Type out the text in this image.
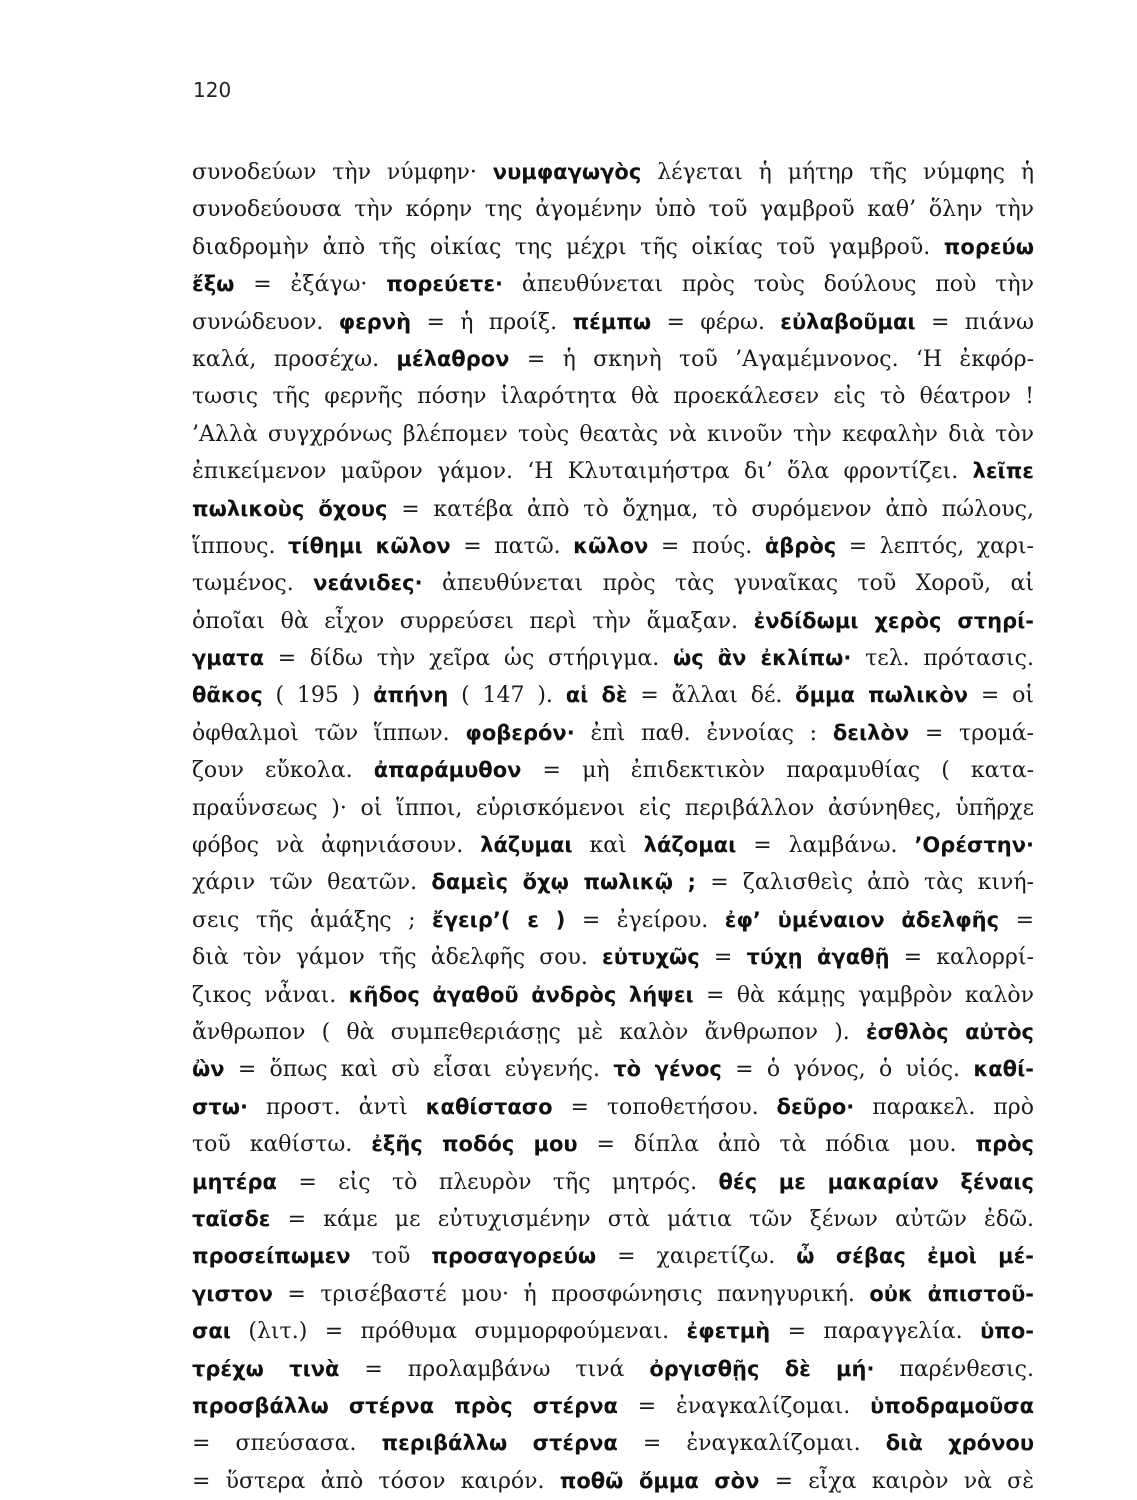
120
συνοδεύων τὴν νύμφην· νυμφαγωγὸς λέγεται ἡ μήτηρ τῆς νύμφης ἡ
συνοδεύουσα τὴν κόρην της ἀγομένην ὑπὸ τοῦ γαμβροῦ καθ’ ὅλην τὴν
διαδρομὴν ἀπὸ τῆς οἰκίας της μέχρι τῆς οἰκίας τοῦ γαμβροῦ. πορεύω
ἔξω = ἐξάγω· πορεύετε· ἀπευθύνεται πρὸς τοὺς δούλους ποὺ τὴν
συνώδευον. φερνὴ = ἡ προίξ. πέμπω = φέρω. εὐλαβοῦμαι = πιάνω
καλά, προσέχω. μέλαθρον = ἡ σκηνὴ τοῦ ’Αγαμέμνονος. ‘Η ἐκφόρ-
τωσις τῆς φερνῆς πόσην ἱλαρότητα θὰ προεκάλεσεν εἰς τὸ θέατρον !
’Αλλὰ συγχρόνως βλέπομεν τοὺς θεατὰς νὰ κινοῦν τὴν κεφαλὴν διὰ τὸν
ἐπικείμενον μαῦρον γάμον. ‘Η Κλυταιμήστρα δι’ ὅλα φροντίζει. λεῖπε
πωλικοὺς ὄχους = κατέβα ἀπὸ τὸ ὄχημα, τὸ συρόμενον ἀπὸ πώλους,
ἵππους. τίθημι κῶλον = πατῶ. κῶλον = πούς. ἁβρὸς = λεπτός, χαρι-
τωμένος. νεάνιδες· ἀπευθύνεται πρὸς τὰς γυναῖκας τοῦ Χοροῦ, αἱ
ὁποῖαι θὰ εἶχον συρρεύσει περὶ τὴν ἅμαξαν. ἐνδίδωμι χερὸς στηρί-
γματα = δίδω τὴν χεῖρα ὡς στήριγμα. ὡς ἂν ἐκλίπω· τελ. πρότασις.
θᾶκος ( 195 ) ἀπήνη ( 147 ). αἱ δὲ = ἄλλαι δέ. ὄμμα πωλικὸν = οἱ
ὀφθαλμοὶ τῶν ἵππων. φοβερόν· ἐπὶ παθ. ἐννοίας : δειλὸν = τρομά-
ζουν εὔκολα. ἀπαράμυθον = μὴ ἐπιδεκτικὸν παραμυθίας ( κατα-
πραΰνσεως )· οἱ ἵπποι, εὑρισκόμενοι εἰς περιβάλλον ἀσύνηθες, ὑπῆρχε
φόβος νὰ ἀφηνιάσουν. λάζυμαι καὶ λάζομαι = λαμβάνω. ’Ορέστην·
χάριν τῶν θεατῶν. δαμεὶς ὄχῳ πωλικῷ ; = ζαλισθεὶς ἀπὸ τὰς κινή-
σεις τῆς ἁμάξης ; ἔγειρ’( ε ) = ἐγείρου. ἐφ’ ὑμέναιον ἀδελφῆς =
διὰ τὸν γάμον τῆς ἀδελφῆς σου. εὐτυχῶς = τύχῃ ἀγαθῇ = καλορρί-
ζικος νἆναι. κῆδος ἀγαθοῦ ἀνδρὸς λήψει = θὰ κάμῃς γαμβρὸν καλὸν
ἄνθρωπον ( θὰ συμπεθεριάσῃς μὲ καλὸν ἄνθρωπον ). ἐσθλὸς αὐτὸς
ὢν = ὅπως καὶ σὺ εἶσαι εὐγενής. τὸ γένος = ὁ γόνος, ὁ υἱός. καθί-
στω· προστ. ἀντὶ καθίστασο = τοποθετήσου. δεῦρο· παρακελ. πρὸ
τοῦ καθίστω. ἐξῆς ποδός μου = δίπλα ἀπὸ τὰ πόδια μου. πρὸς
μητέρα = εἰς τὸ πλευρὸν τῆς μητρός. θές με μακαρίαν ξέναις
ταῖσδε = κάμε με εὐτυχισμένην στὰ μάτια τῶν ξένων αὐτῶν ἐδῶ.
προσείπωμεν τοῦ προσαγορεύω = χαιρετίζω. ὦ σέβας ἐμοὶ μέ-
γιστον = τρισέβαστέ μου· ἡ προσφώνησις πανηγυρική. οὐκ ἀπιστοῦ-
σαι (λιτ.) = πρόθυμα συμμορφούμεναι. ἐφετμὴ = παραγγελία. ὑπο-
τρέχω τινὰ = προλαμβάνω τινά ὀργισθῇς δὲ μή· παρένθεσις.
προσβάλλω στέρνα πρὸς στέρνα = ἐναγκαλίζομαι. ὑποδραμοῦσα
= σπεύσασα. περιβάλλω στέρνα = ἐναγκαλίζομαι. διὰ χρόνου
= ὕστερα ἀπὸ τόσον καιρόν. ποθῶ ὄμμα σὸν = εἶχα καιρὸν νὰ σὲ
